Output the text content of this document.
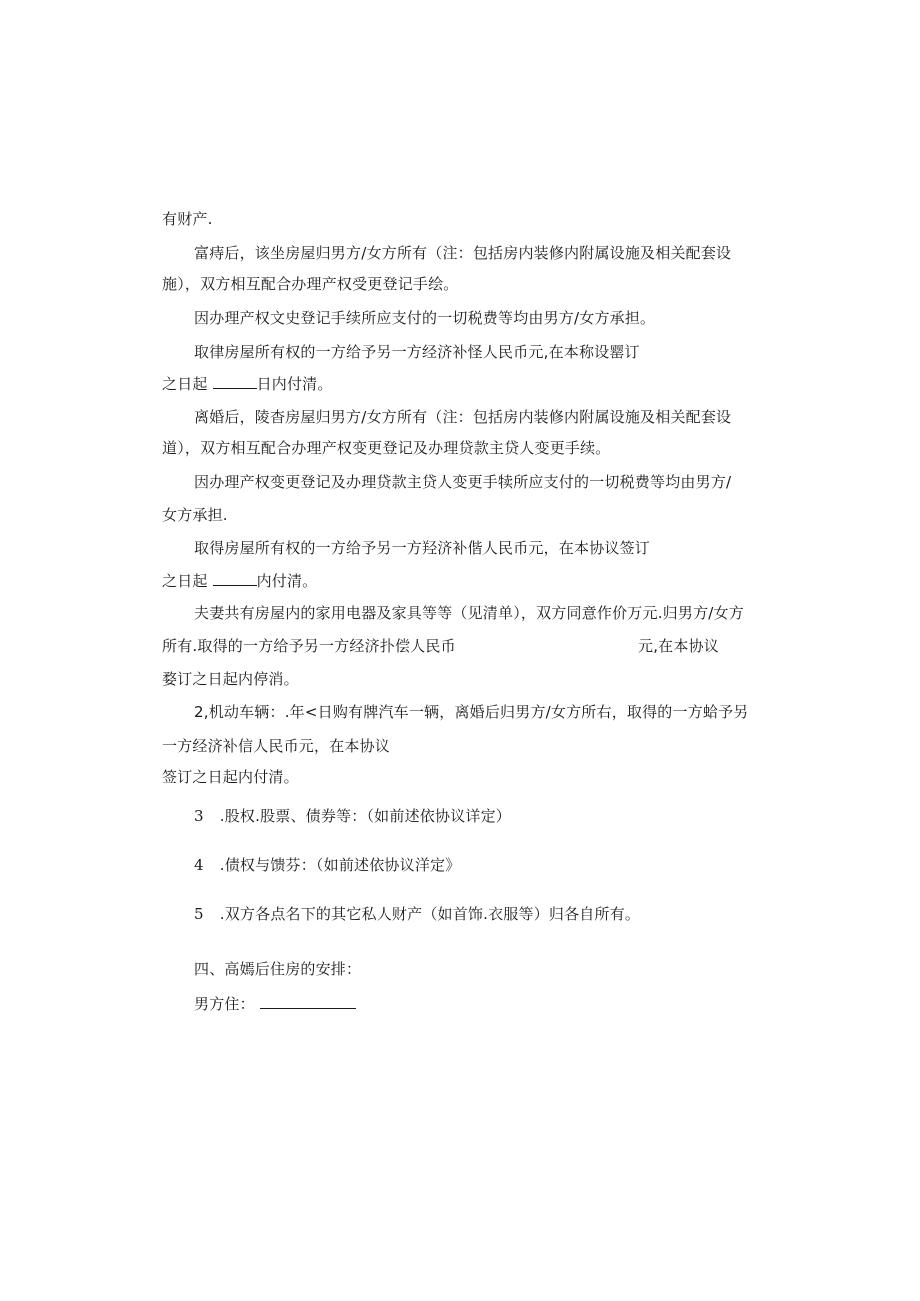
有财产.
富痔后，该坐房屋归男方/女方所有（注：包括房内装修内附属设施及相关配套设
施），双方相互配合办理产权受更登记手绘。
因办理产权文史登记手续所应支付的一切税费等均由男方/女方承担。
取律房屋所有权的一方给予另一方经济补怪人民币元,在本称设罂订
之日起	日内付清。
离婚后，陵杳房屋归男方/女方所有（注：包括房内装修内附属设施及相关配套设
道），双方相互配合办理产权变更登记及办理贷款主贷人变更手续。
因办理产权变更登记及办理贷款主贷人变更手犊所应支付的一切税费等均由男方/
女方承担.
取得房屋所有权的一方给予另一方羟济补偕人民币元，在本协议签订
之日起	内付清。
夫妻共有房屋内的家用电器及家具等等（见清单），双方同意作价万元.归男方/女方
所有.取得的一方给予另一方经济扑偿人民币	元,在本协议
婺订之日起内停消。
2,机动车辆：.年<日购有牌汽车一辆，离婚后归男方/女方所右，取得的一方蛤予另
一方经济补信人民币元，在本协议
签订之日起内付清。
3 .股权.股票、债券等：（如前述依协议详定）
4 .债权与馈芬：（如前述依协议洋定》
5 .双方各点名下的其它私人财产（如首饰.衣服等）归各自所有。
四、高嫣后住房的安排：
男方住：
